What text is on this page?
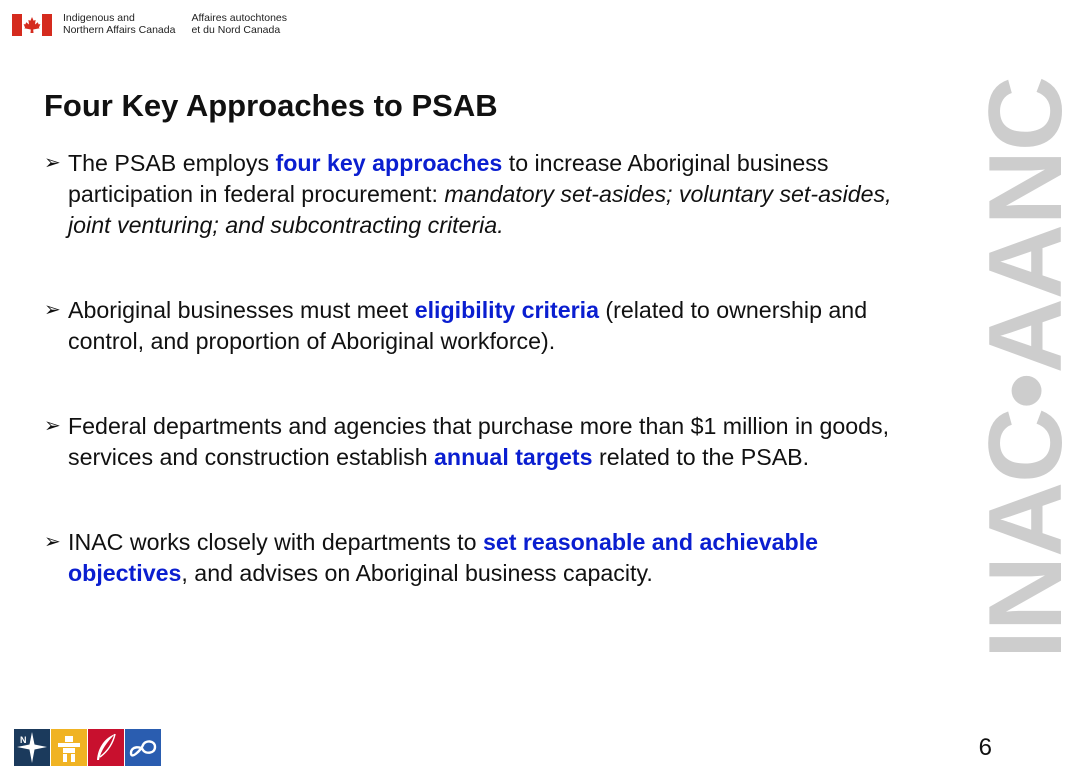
Indigenous and
Northern Affairs Canada
Affaires autochtones
et du Nord Canada
Four Key Approaches to PSAB
➢ The PSAB employs four key approaches to increase Aboriginal business participation in federal procurement: mandatory set-asides; voluntary set-asides, joint venturing; and subcontracting criteria.
➢ Aboriginal businesses must meet eligibility criteria (related to ownership and control, and proportion of Aboriginal workforce).
➢ Federal departments and agencies that purchase more than $1 million in goods, services and construction establish annual targets related to the PSAB.
➢ INAC works closely with departments to set reasonable and achievable objectives, and advises on Aboriginal business capacity.	INAC•AANC
N	6
